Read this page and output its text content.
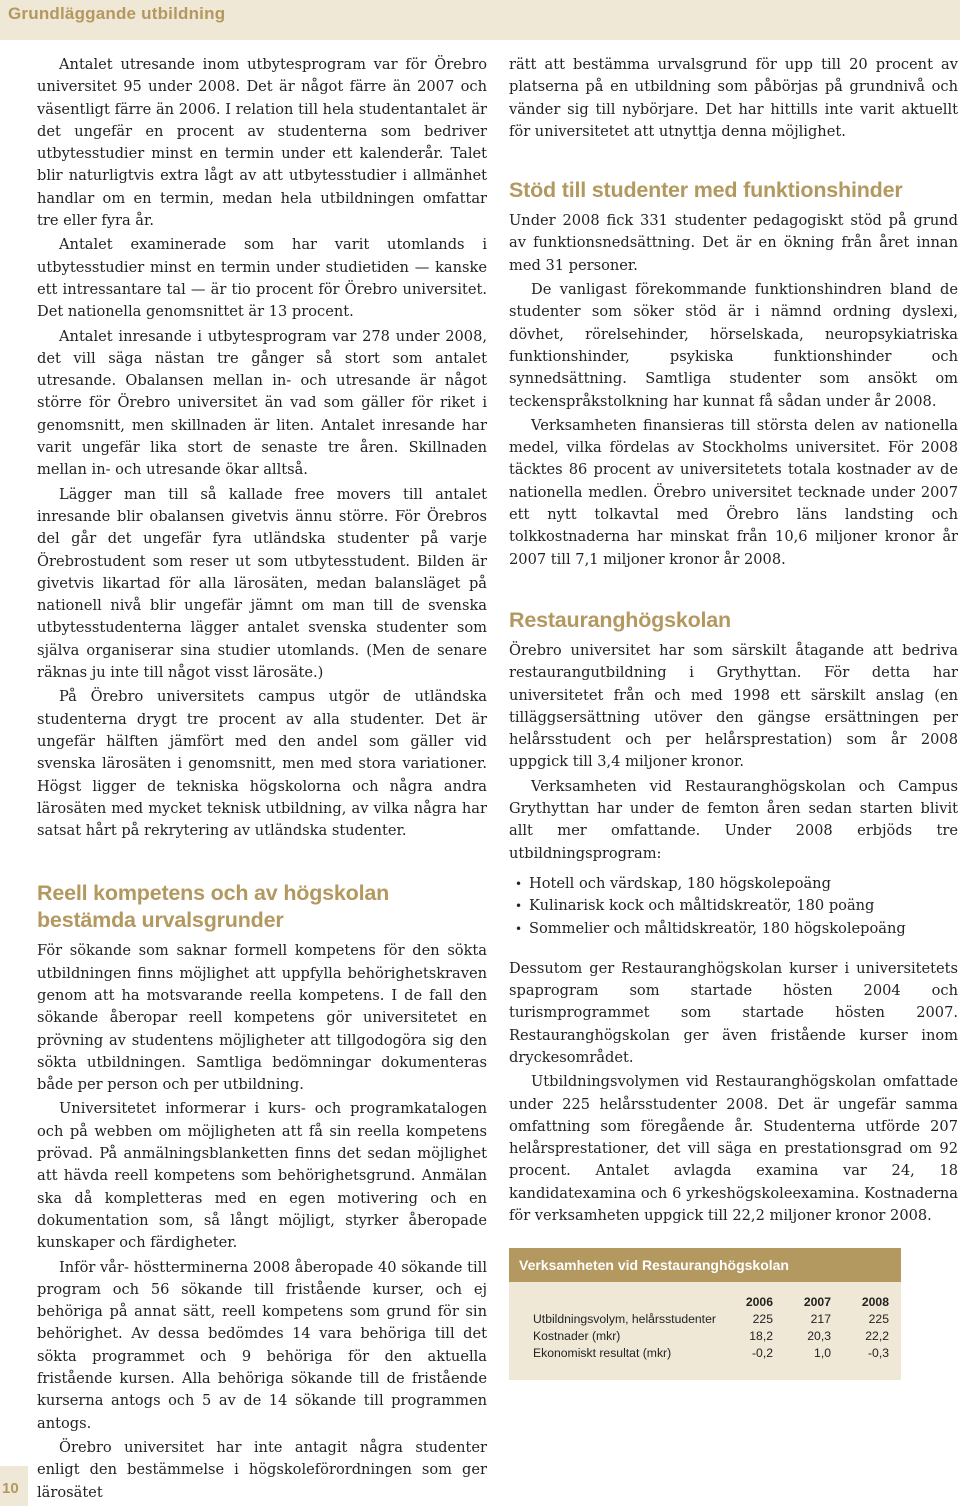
Grundläggande utbildning

Antalet utresande inom utbytesprogram var för Örebro universitet 95 under 2008. Det är något färre än 2007 och väsentligt färre än 2006. I relation till hela studentantalet är det ungefär en procent av studenterna som bedriver utbytesstudier minst en termin under ett kalenderår. Talet blir naturligtvis extra lågt av att utbytesstudier i allmänhet handlar om en termin, medan hela utbildningen omfattar tre eller fyra år.

Antalet examinerade som har varit utomlands i utbytesstudier minst en termin under studietiden — kanske ett intressantare tal — är tio procent för Örebro universitet. Det nationella genomsnittet är 13 procent.

Antalet inresande i utbytesprogram var 278 under 2008, det vill säga nästan tre gånger så stort som antalet utresande. Obalansen mellan in- och utresande är något större för Örebro universitet än vad som gäller för riket i genomsnitt, men skillnaden är liten. Antalet inresande har varit ungefär lika stort de senaste tre åren. Skillnaden mellan in- och utresande ökar alltså.

Lägger man till så kallade free movers till antalet inresande blir obalansen givetvis ännu större. För Örebros del går det ungefär fyra utländska studenter på varje Örebrostudent som reser ut som utbytesstudent. Bilden är givetvis likartad för alla lärosäten, medan balansläget på nationell nivå blir ungefär jämnt om man till de svenska utbytesstudenterna lägger antalet svenska studenter som själva organiserar sina studier utomlands. (Men de senare räknas ju inte till något visst lärosäte.)

På Örebro universitets campus utgör de utländska studenterna drygt tre procent av alla studenter. Det är ungefär hälften jämfört med den andel som gäller vid svenska lärosäten i genomsnitt, men med stora variationer. Högst ligger de tekniska högskolorna och några andra lärosäten med mycket teknisk utbildning, av vilka några har satsat hårt på rekrytering av utländska studenter.

Reell kompetens och av högskolan
bestämda urvalsgrunder

För sökande som saknar formell kompetens för den sökta utbildningen finns möjlighet att uppfylla behörighetskraven genom att ha motsvarande reella kompetens. I de fall den sökande åberopar reell kompetens gör universitetet en prövning av studentens möjligheter att tillgodogöra sig den sökta utbildningen. Samtliga bedömningar dokumenteras både per person och per utbildning.

Universitetet informerar i kurs- och programkatalogen och på webben om möjligheten att få sin reella kompetens prövad. På anmälningsblanketten finns det sedan möjlighet att hävda reell kompetens som behörighetsgrund. Anmälan ska då kompletteras med en egen motivering och en dokumentation som, så långt möjligt, styrker åberopade kunskaper och färdigheter.

Inför vår- höstterminerna 2008 åberopade 40 sökande till program och 56 sökande till fristående kurser, och ej behöriga på annat sätt, reell kompetens som grund för sin behörighet. Av dessa bedömdes 14 vara behöriga till det sökta programmet och 9 behöriga för den aktuella fristående kursen. Alla behöriga sökande till de fristående kurserna antogs och 5 av de 14 sökande till programmen antogs.

Örebro universitet har inte antagit några studenter enligt den bestämmelse i högskoleförordningen som ger lärosätet

rätt att bestämma urvalsgrund för upp till 20 procent av platserna på en utbildning som påbörjas på grundnivå och vänder sig till nybörjare. Det har hittills inte varit aktuellt för universitetet att utnyttja denna möjlighet.

Stöd till studenter med funktionshinder

Under 2008 fick 331 studenter pedagogiskt stöd på grund av funktionsnedsättning. Det är en ökning från året innan med 31 personer.

De vanligast förekommande funktionshindren bland de studenter som söker stöd är i nämnd ordning dyslexi, dövhet, rörelsehinder, hörselskada, neuropsykiatriska funktionshinder, psykiska funktionshinder och synnedsättning. Samtliga studenter som ansökt om teckenspråkstolkning har kunnat få sådan under år 2008.

Verksamheten finansieras till största delen av nationella medel, vilka fördelas av Stockholms universitet. För 2008 täcktes 86 procent av universitetets totala kostnader av de nationella medlen. Örebro universitet tecknade under 2007 ett nytt tolkavtal med Örebro läns landsting och tolkkostnaderna har minskat från 10,6 miljoner kronor år 2007 till 7,1 miljoner kronor år 2008.

Restauranghögskolan

Örebro universitet har som särskilt åtagande att bedriva restaurangutbildning i Grythyttan. För detta har universitetet från och med 1998 ett särskilt anslag (en tilläggsersättning utöver den gängse ersättningen per helårsstudent och per helårsprestation) som år 2008 uppgick till 3,4 miljoner kronor.

Verksamheten vid Restauranghögskolan och Campus Grythyttan har under de femton åren sedan starten blivit allt mer omfattande. Under 2008 erbjöds tre utbildningsprogram:

• Hotell och värdskap, 180 högskolepoäng
• Kulinarisk kock och måltidskreatör, 180 poäng
• Sommelier och måltidskreatör, 180 högskolepoäng

Dessutom ger Restauranghögskolan kurser i universitetets spaprogram som startade hösten 2004 och turismprogrammet som startade hösten 2007. Restauranghögskolan ger även fristående kurser inom dryckesområdet.

Utbildningsvolymen vid Restauranghögskolan omfattade under 225 helårsstudenter 2008. Det är ungefär samma omfattning som föregående år. Studenterna utförde 207 helårsprestationer, det vill säga en prestationsgrad om 92 procent. Antalet avlagda examina var 24, 18 kandidatexamina och 6 yrkeshögskoleexamina. Kostnaderna för verksamheten uppgick till 22,2 miljoner kronor 2008.

Verksamheten vid Restauranghögskolan
	2006	2007	2008
Utbildningsvolym, helårsstudenter	225	217	225
Kostnader (mkr)	18,2	20,3	22,2
Ekonomiskt resultat (mkr)	-0,2	1,0	-0,3
10
